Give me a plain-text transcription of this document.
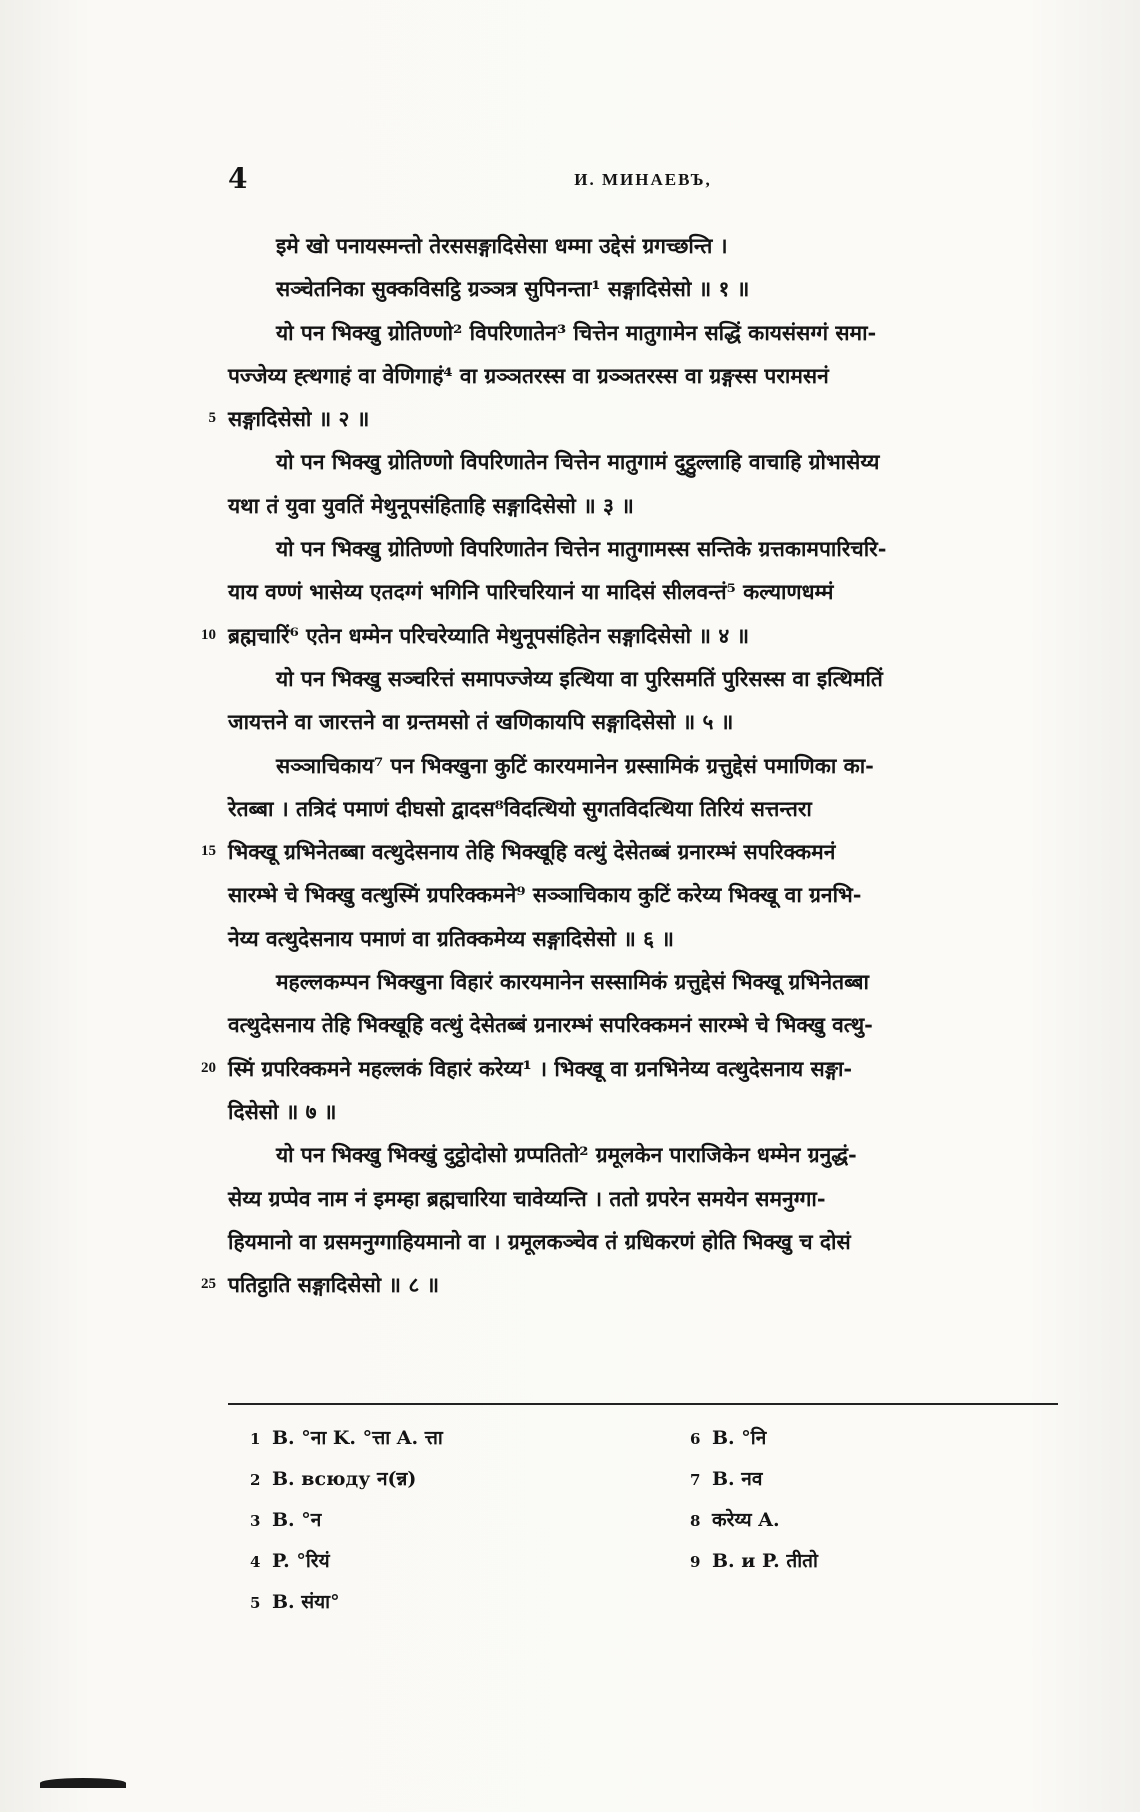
4	И. МИНАЕВЪ,
इमे खो पनायस्मन्तो तेरससङ्गादिसेसा धम्मा उद्देसं ग्रगच्छन्ति ।
सञ्चेतनिका सुक्कविसट्ठि ग्रञ्ञत्र सुपिनन्ता¹ सङ्गादिसेसो ॥ १ ॥
यो पन भिक्खु ग्रोतिण्णो² विपरिणातेन³ चित्तेन मातुगामेन सद्धिं कायसंसग्गं समा-
पज्जेय्य ह्त्थगाहं वा वेणिगाहं⁴ वा ग्रञ्ञतरस्स वा ग्रञ्ञतरस्स वा ग्रङ्गस्स परामसनं
5 सङ्गादिसेसो ॥ २ ॥
यो पन भिक्खु ग्रोतिण्णो विपरिणातेन चित्तेन मातुगामं दुट्ठुल्लाहि वाचाहि ग्रोभासेय्य
यथा तं युवा युवतिं मेथुनूपसंहिताहि सङ्गादिसेसो ॥ ३ ॥
यो पन भिक्खु ग्रोतिण्णो विपरिणातेन चित्तेन मातुगामस्स सन्तिके ग्रत्तकामपारिचरि-
याय वण्णं भासेय्य एतदग्गं भगिनि पारिचरियानं या मादिसं सीलवन्तं⁵ कल्याणधम्मं
10 ब्रह्मचारिं⁶ एतेन धम्मेन परिचरेय्याति मेथुनूपसंहितेन सङ्गादिसेसो ॥ ४ ॥
यो पन भिक्खु सञ्चरित्तं समापज्जेय्य इत्थिया वा पुरिसमतिं पुरिसस्स वा इत्थिमतिं
जायत्तने वा जारत्तने वा ग्रन्तमसो तं खणिकायपि सङ्गादिसेसो ॥ ५ ॥
सञ्ञाचिकाय⁷ पन भिक्खुना कुटिं कारयमानेन ग्रस्सामिकं ग्रत्तुद्देसं पमाणिका का-
रेतब्बा । तत्रिदं पमाणं दीघसो द्वादस⁸विदत्थियो सुगतविदत्थिया तिरियं सत्तन्तरा
15 भिक्खू ग्रभिनेतब्बा वत्थुदेसनाय तेहि भिक्खूहि वत्थुं देसेतब्बं ग्रनारम्भं सपरिक्कमनं
सारम्भे चे भिक्खु वत्थुस्मिं ग्रपरिक्कमने⁹ सञ्ञाचिकाय कुटिं करेय्य भिक्खू वा ग्रनभि-
नेय्य वत्थुदेसनाय पमाणं वा ग्रतिक्कमेय्य सङ्गादिसेसो ॥ ६ ॥
महल्लकम्पन भिक्खुना विहारं कारयमानेन सस्सामिकं ग्रत्तुद्देसं भिक्खू ग्रभिनेतब्बा
वत्थुदेसनाय तेहि भिक्खूहि वत्थुं देसेतब्बं ग्रनारम्भं सपरिक्कमनं सारम्भे चे भिक्खु वत्थु-
20 स्मिं ग्रपरिक्कमने महल्लकं विहारं करेय्य¹ । भिक्खू वा ग्रनभिनेय्य वत्थुदेसनाय सङ्गा-
दिसेसो ॥ ७ ॥
यो पन भिक्खु भिक्खुं दुट्ठोदोसो ग्रप्पतितो² ग्रमूलकेन पाराजिकेन धम्मेन ग्रनुद्धं-
सेय्य ग्रप्पेव नाम नं इमम्हा ब्रह्मचारिया चावेय्यन्ति । ततो ग्रपरेन समयेन समनुग्गा-
हियमानो वा ग्रसमनुग्गाहियमानो वा । ग्रमूलकञ्चेव तं ग्रधिकरणं होति भिक्खु च दोसं
25 पतिट्ठाति सङ्गादिसेसो ॥ ८ ॥
1 B. °ना K. °त्ता A. त्ता
2 B. всюду न(न्न)
3 B. °न
4 P. °रियं
5 B. संया°
6 B. °नि
7 B. नव
8 करेय्य A.
9 B. и P. तीतो
